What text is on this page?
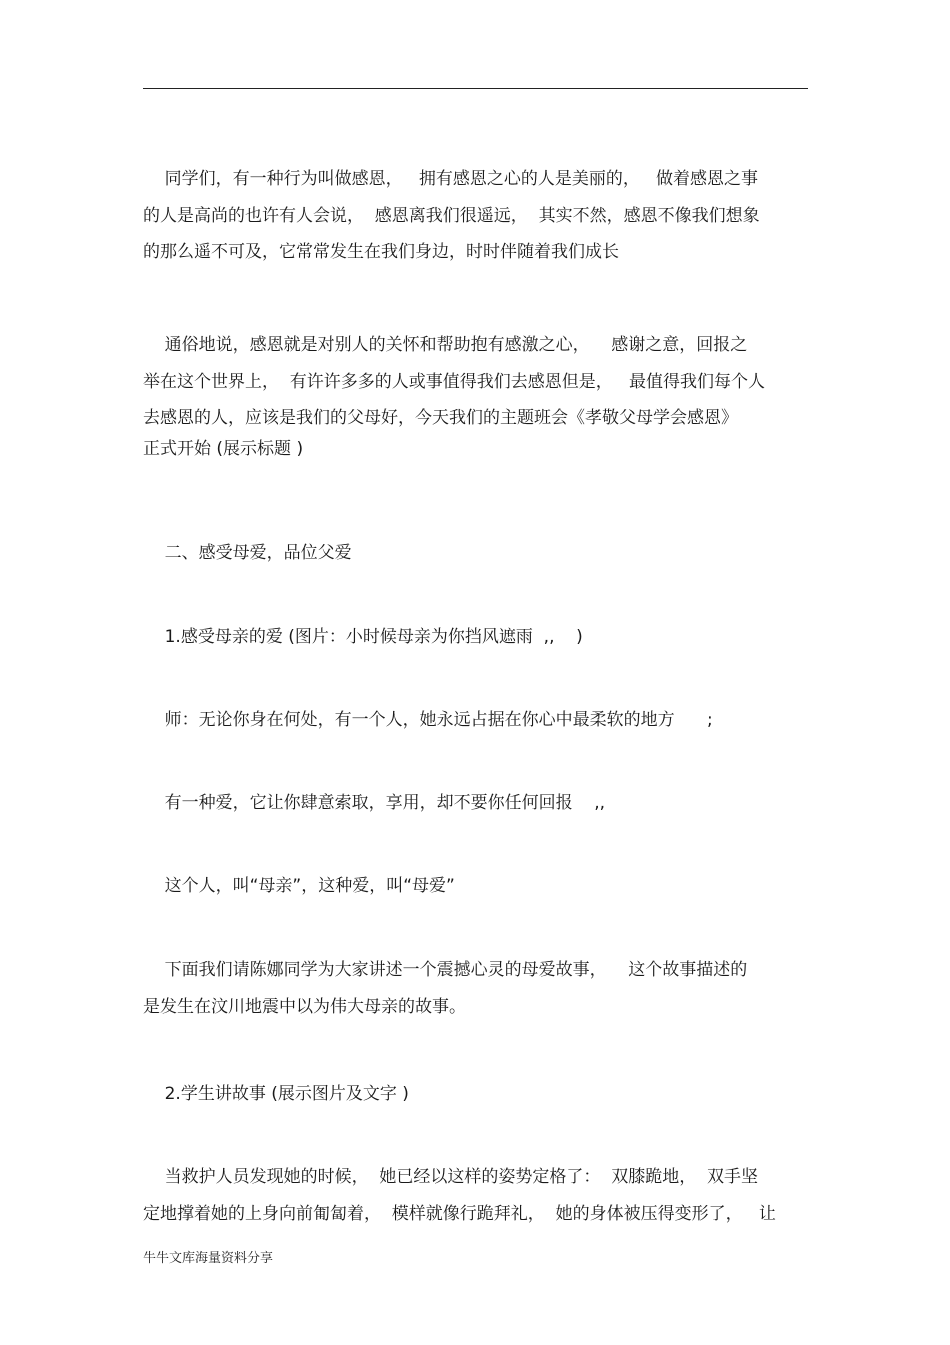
同学们，有一种行为叫做感恩，   拥有感恩之心的人是美丽的，   做着感恩之事
的人是高尚的也许有人会说，  感恩离我们很遥远，  其实不然，感恩不像我们想象
的那么遥不可及，它常常发生在我们身边，时时伴随着我们成长
通俗地说，感恩就是对别人的关怀和帮助抱有感激之心，    感谢之意，回报之
举在这个世界上，  有许许多多的人或事值得我们去感恩但是，   最值得我们每个人
去感恩的人，应该是我们的父母好，今天我们的主题班会《孝敬父母学会感恩》
正式开始 (展示标题 )
二、感受母爱，品位父爱
1.感受母亲的爱 (图片：小时候母亲为你挡风遮雨  ,,    )
师：无论你身在何处，有一个人，她永远占据在你心中最柔软的地方      ;
有一种爱，它让你肆意索取，享用，却不要你任何回报    ,,
这个人，叫“母亲”，这种爱，叫“母爱”
下面我们请陈娜同学为大家讲述一个震撼心灵的母爱故事，    这个故事描述的
是发生在汶川地震中以为伟大母亲的故事。
2.学生讲故事 (展示图片及文字 )
当救护人员发现她的时候，  她已经以这样的姿势定格了：  双膝跪地，  双手坚
定地撑着她的上身向前匍匐着，  模样就像行跪拜礼，  她的身体被压得变形了，   让
牛牛文库海量资料分享
